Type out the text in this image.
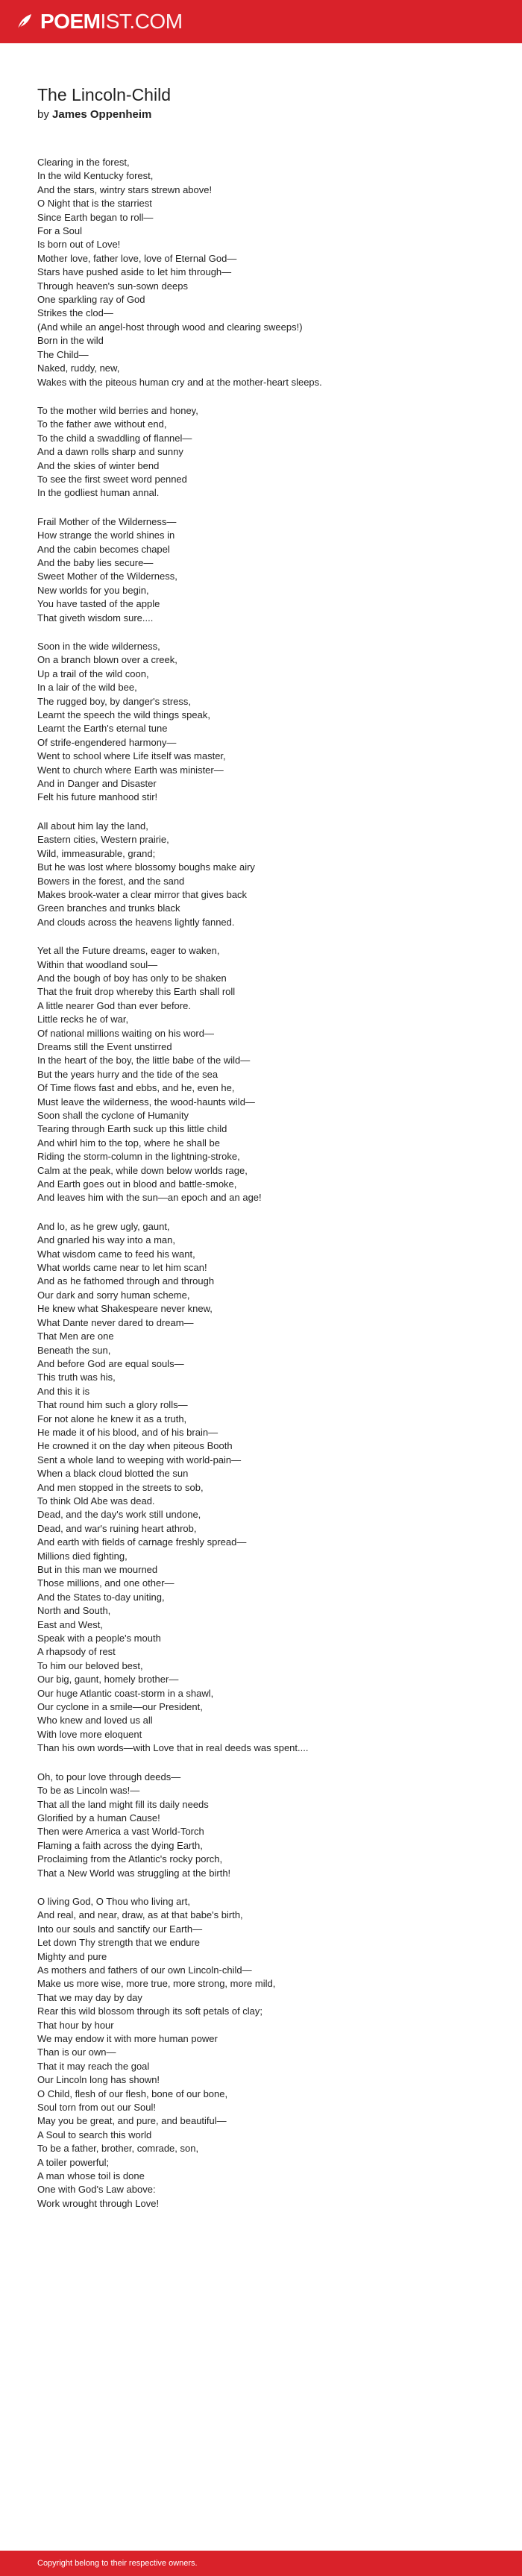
POEMIST.COM
The Lincoln-Child

by James Oppenheim

Clearing in the forest,
In the wild Kentucky forest,
And the stars, wintry stars strewn above!
O Night that is the starriest
Since Earth began to roll—
For a Soul
Is born out of Love!
Mother love, father love, love of Eternal God—
Stars have pushed aside to let him through—
Through heaven's sun-sown deeps
One sparkling ray of God
Strikes the clod—
(And while an angel-host through wood and clearing sweeps!)
Born in the wild
The Child—
Naked, ruddy, new,
Wakes with the piteous human cry and at the mother-heart sleeps.
To the mother wild berries and honey,
To the father awe without end,
To the child a swaddling of flannel—
And a dawn rolls sharp and sunny
And the skies of winter bend
To see the first sweet word penned
In the godliest human annal.
Frail Mother of the Wilderness—
How strange the world shines in
And the cabin becomes chapel
And the baby lies secure—
Sweet Mother of the Wilderness,
New worlds for you begin,
You have tasted of the apple
That giveth wisdom sure....
Soon in the wide wilderness,
On a branch blown over a creek,
Up a trail of the wild coon,
In a lair of the wild bee,
The rugged boy, by danger's stress,
Learnt the speech the wild things speak,
Learnt the Earth's eternal tune
Of strife-engendered harmony—
Went to school where Life itself was master,
Went to church where Earth was minister—
And in Danger and Disaster
Felt his future manhood stir!
All about him lay the land,
Eastern cities, Western prairie,
Wild, immeasurable, grand;
But he was lost where blossomy boughs make airy
Bowers in the forest, and the sand
Makes brook-water a clear mirror that gives back
Green branches and trunks black
And clouds across the heavens lightly fanned.
Yet all the Future dreams, eager to waken,
Within that woodland soul—
And the bough of boy has only to be shaken
That the fruit drop whereby this Earth shall roll
A little nearer God than ever before.
Little recks he of war,
Of national millions waiting on his word—
Dreams still the Event unstirred
In the heart of the boy, the little babe of the wild—
But the years hurry and the tide of the sea
Of Time flows fast and ebbs, and he, even he,
Must leave the wilderness, the wood-haunts wild—
Soon shall the cyclone of Humanity
Tearing through Earth suck up this little child
And whirl him to the top, where he shall be
Riding the storm-column in the lightning-stroke,
Calm at the peak, while down below worlds rage,
And Earth goes out in blood and battle-smoke,
And leaves him with the sun—an epoch and an age!
And lo, as he grew ugly, gaunt,
And gnarled his way into a man,
What wisdom came to feed his want,
What worlds came near to let him scan!
And as he fathomed through and through
Our dark and sorry human scheme,
He knew what Shakespeare never knew,
What Dante never dared to dream—
That Men are one
Beneath the sun,
And before God are equal souls—
This truth was his,
And this it is
That round him such a glory rolls—
For not alone he knew it as a truth,
He made it of his blood, and of his brain—
He crowned it on the day when piteous Booth
Sent a whole land to weeping with world-pain—
When a black cloud blotted the sun
And men stopped in the streets to sob,
To think Old Abe was dead.
Dead, and the day's work still undone,
Dead, and war's ruining heart athrob,
And earth with fields of carnage freshly spread—
Millions died fighting,
But in this man we mourned
Those millions, and one other—
And the States to-day uniting,
North and South,
East and West,
Speak with a people's mouth
A rhapsody of rest
To him our beloved best,
Our big, gaunt, homely brother—
Our huge Atlantic coast-storm in a shawl,
Our cyclone in a smile—our President,
Who knew and loved us all
With love more eloquent
Than his own words—with Love that in real deeds was spent....
Oh, to pour love through deeds—
To be as Lincoln was!—
That all the land might fill its daily needs
Glorified by a human Cause!
Then were America a vast World-Torch
Flaming a faith across the dying Earth,
Proclaiming from the Atlantic's rocky porch,
That a New World was struggling at the birth!
O living God, O Thou who living art,
And real, and near, draw, as at that babe's birth,
Into our souls and sanctify our Earth—
Let down Thy strength that we endure
Mighty and pure
As mothers and fathers of our own Lincoln-child—
Make us more wise, more true, more strong, more mild,
That we may day by day
Rear this wild blossom through its soft petals of clay;
That hour by hour
We may endow it with more human power
Than is our own—
That it may reach the goal
Our Lincoln long has shown!
O Child, flesh of our flesh, bone of our bone,
Soul torn from out our Soul!
May you be great, and pure, and beautiful—
A Soul to search this world
To be a father, brother, comrade, son,
A toiler powerful;
A man whose toil is done
One with God's Law above:
Work wrought through Love!
Copyright belong to their respective owners.
